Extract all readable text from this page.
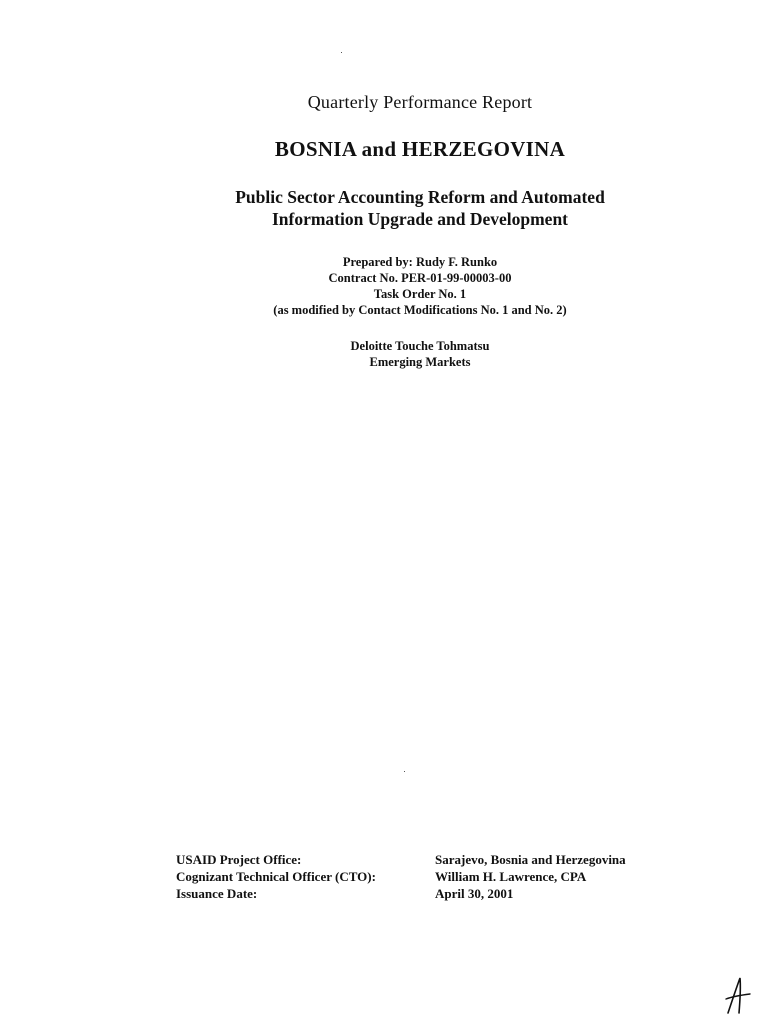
Quarterly Performance Report
BOSNIA and HERZEGOVINA
Public Sector Accounting Reform and Automated
Information Upgrade and Development
Prepared by: Rudy F. Runko
Contract No. PER-01-99-00003-00
Task Order No. 1
(as modified by Contact Modifications No. 1 and No. 2)
Deloitte Touche Tohmatsu
Emerging Markets
USAID Project Office:
Cognizant Technical Officer (CTO):
Issuance Date:
Sarajevo, Bosnia and Herzegovina
William H. Lawrence, CPA
April 30, 2001
